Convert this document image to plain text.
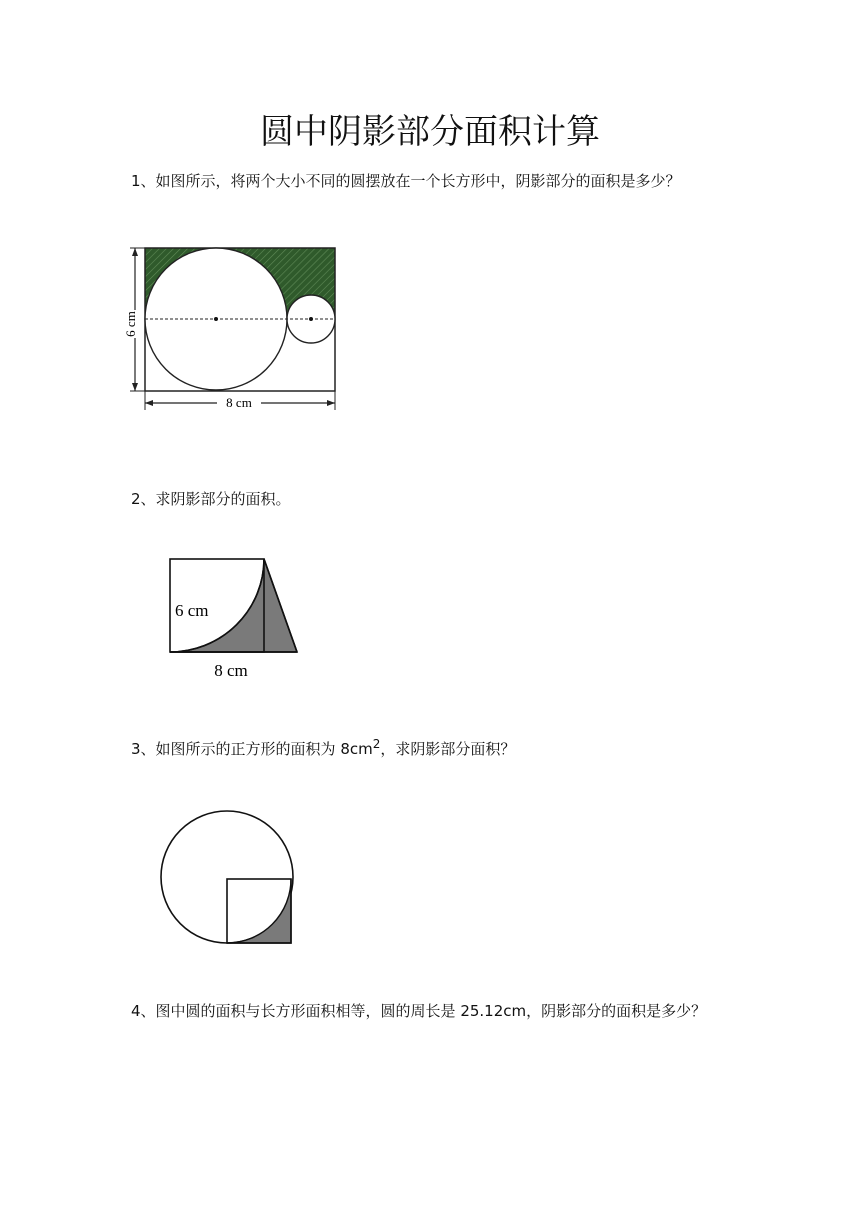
圆中阴影部分面积计算
1、如图所示，将两个大小不同的圆摆放在一个长方形中，阴影部分的面积是多少？
6 cm
8 cm
2、求阴影部分的面积。
6 cm
8 cm
3、如图所示的正方形的面积为 $8cm^2$，求阴影部分面积？
4、图中圆的面积与长方形面积相等，圆的周长是 25.12cm，阴影部分的面积是多少？
